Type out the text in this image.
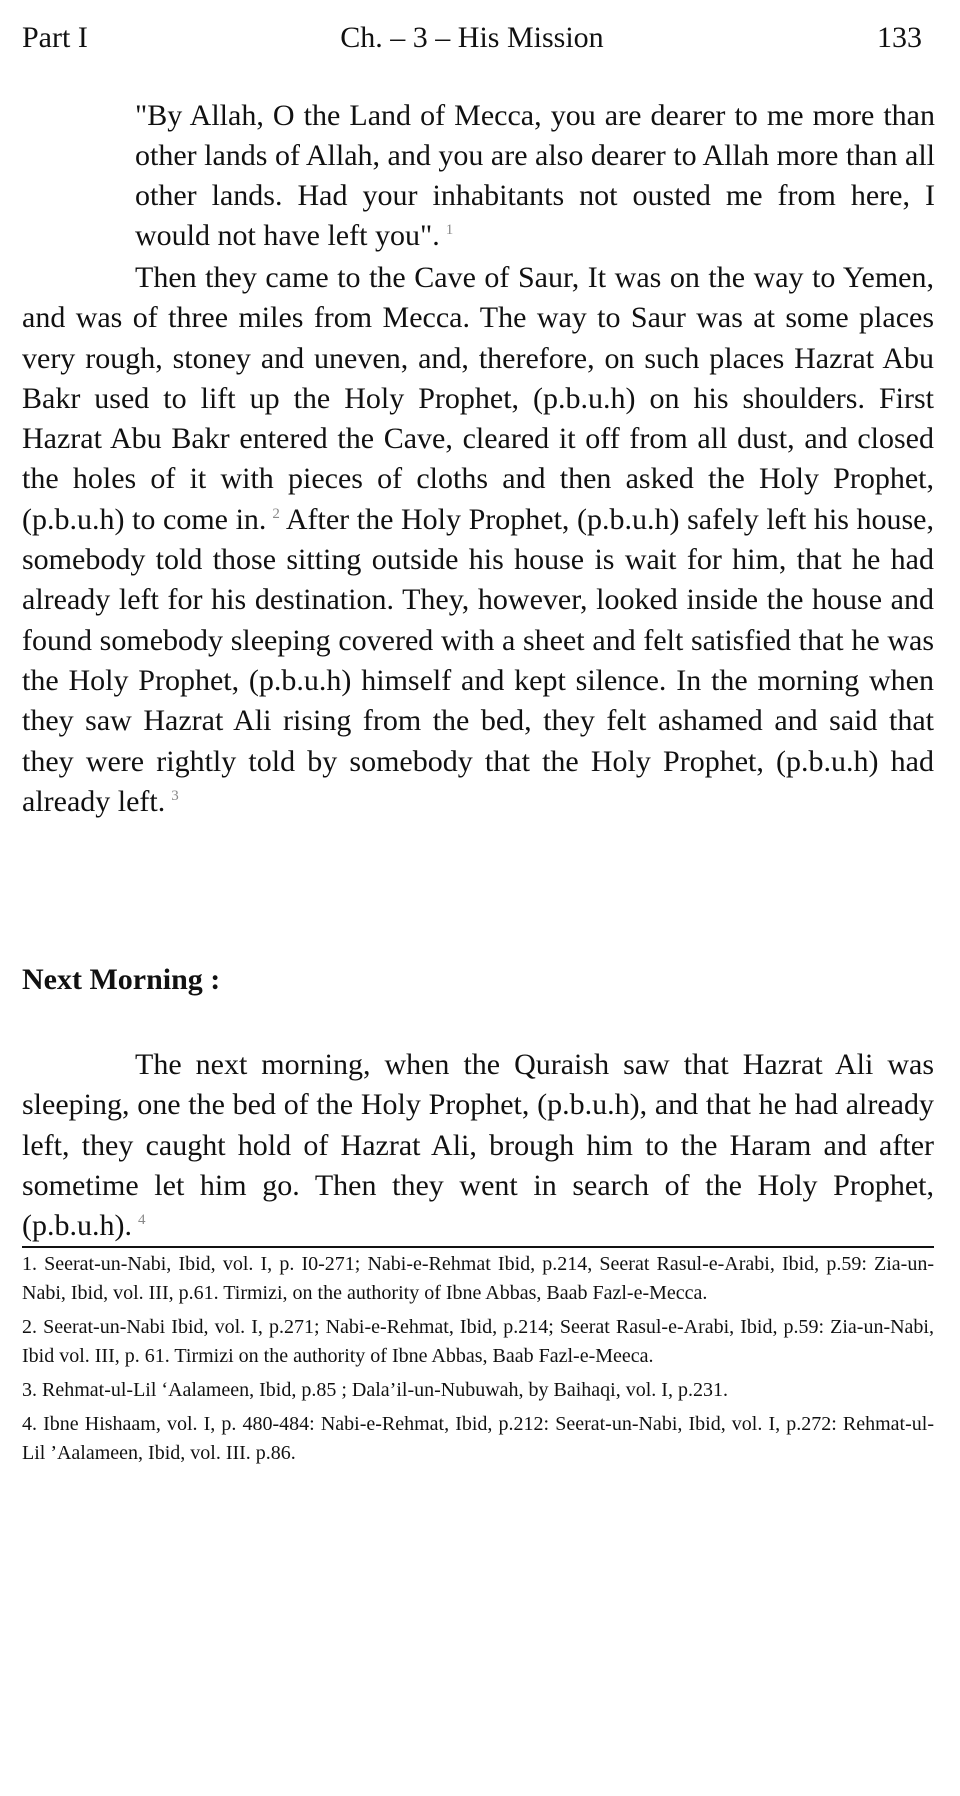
Part I	Ch. – 3 – His Mission	133
"By Allah, O the Land of Mecca, you are dearer to me more than other lands of Allah, and you are also dearer to Allah more than all other lands. Had your inhabitants not ousted me from here, I would not have left you". $^1$
Then they came to the Cave of Saur, It was on the way to Yemen, and was of three miles from Mecca. The way to Saur was at some places very rough, stoney and uneven, and, therefore, on such places Hazrat Abu Bakr used to lift up the Holy Prophet, (p.b.u.h) on his shoulders. First Hazrat Abu Bakr entered the Cave, cleared it off from all dust, and closed the holes of it with pieces of cloths and then asked the Holy Prophet, (p.b.u.h) to come in. $^2$ After the Holy Prophet, (p.b.u.h) safely left his house, somebody told those sitting outside his house is wait for him, that he had already left for his destination. They, however, looked inside the house and found somebody sleeping covered with a sheet and felt satisfied that he was the Holy Prophet, (p.b.u.h) himself and kept silence. In the morning when they saw Hazrat Ali rising from the bed, they felt ashamed and said that they were rightly told by somebody that the Holy Prophet, (p.b.u.h) had already left. $^3$
Next Morning :
The next morning, when the Quraish saw that Hazrat Ali was sleeping, one the bed of the Holy Prophet, (p.b.u.h), and that he had already left, they caught hold of Hazrat Ali, brough him to the Haram and after sometime let him go. Then they went in search of the Holy Prophet, (p.b.u.h). $^4$

1. Seerat-un-Nabi, Ibid, vol. I, p. I0-271; Nabi-e-Rehmat Ibid, p.214, Seerat Rasul-e-Arabi, Ibid, p.59: Zia-un-Nabi, Ibid, vol. III, p.61. Tirmizi, on the authority of Ibne Abbas, Baab Fazl-e-Mecca.

2. Seerat-un-Nabi Ibid, vol. I, p.271; Nabi-e-Rehmat, Ibid, p.214; Seerat Rasul-e-Arabi, Ibid, p.59: Zia-un-Nabi, Ibid vol. III, p. 61. Tirmizi on the authority of Ibne Abbas, Baab Fazl-e-Meeca.

3. Rehmat-ul-Lil ‘Aalameen, Ibid, p.85 ; Dala’il-un-Nubuwah, by Baihaqi, vol. I, p.231.

4. Ibne Hishaam, vol. I, p. 480-484: Nabi-e-Rehmat, Ibid, p.212: Seerat-un-Nabi, Ibid, vol. I, p.272: Rehmat-ul-Lil ’Aalameen, Ibid, vol. III. p.86.
